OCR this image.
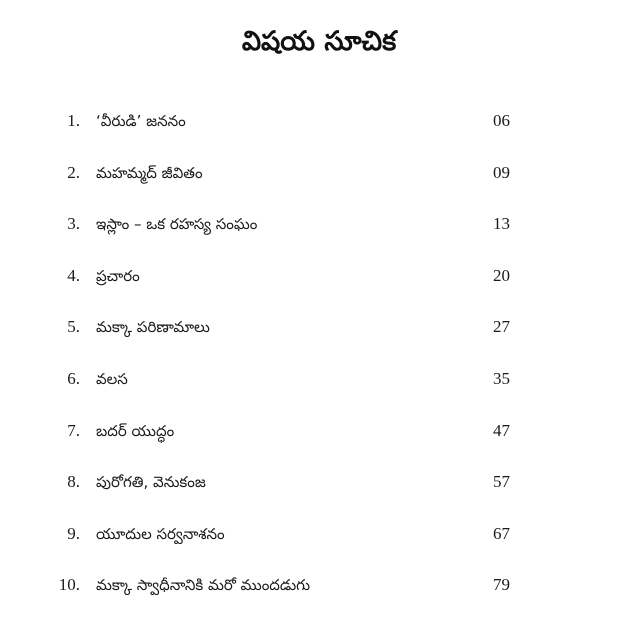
విషయ సూచిక
1. ‘వీరుడి’ జననం	06
2. మహమ్మద్ జీవితం	09
3. ఇస్లాం – ఒక రహస్య సంఘం	13
4. ప్రచారం	20
5. మక్కా పరిణామాలు	27
6. వలస	35
7. బదర్ యుద్ధం	47
8. పురోగతి, వెనుకంజ	57
9. యూదుల సర్వనాశనం	67
10. మక్కా స్వాధీనానికి మరో ముందడుగు	79
